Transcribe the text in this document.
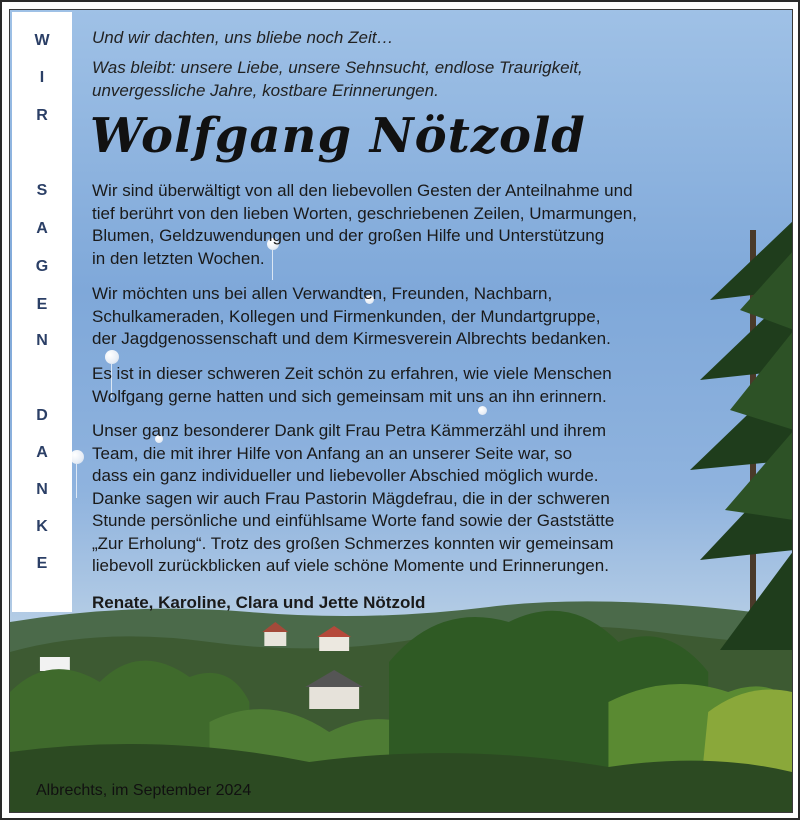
W
I
R
S
A
G
E
N
D
A
N
K
E

Und wir dachten, uns bliebe noch Zeit…

Was bleibt: unsere Liebe, unsere Sehnsucht, endlose Traurigkeit,

unvergessliche Jahre, kostbare Erinnerungen.

Wolfgang Nötzold
Wir sind überwältigt von all den liebevollen Gesten der Anteilnahme und
tief berührt von den lieben Worten, geschriebenen Zeilen, Umarmungen,
Blumen, Geldzuwendungen und der großen Hilfe und Unterstützung
in den letzten Wochen.
Wir möchten uns bei allen Verwandten, Freunden, Nachbarn,
Schulkameraden, Kollegen und Firmenkunden, der Mundartgruppe,
der Jagdgenossenschaft und dem Kirmesverein Albrechts bedanken.
Es ist in dieser schweren Zeit schön zu erfahren, wie viele Menschen
Wolfgang gerne hatten und sich gemeinsam mit uns an ihn erinnern.
Unser ganz besonderer Dank gilt Frau Petra Kämmerzähl und ihrem
Team, die mit ihrer Hilfe von Anfang an an unserer Seite war, so
dass ein ganz individueller und liebevoller Abschied möglich wurde.
Danke sagen wir auch Frau Pastorin Mägdefrau, die in der schweren
Stunde persönliche und einfühlsame Worte fand sowie der Gaststätte
„Zur Erholung“. Trotz des großen Schmerzes konnten wir gemeinsam
liebevoll zurückblicken auf viele schöne Momente und Erinnerungen.
Renate, Karoline, Clara und Jette Nötzold
Albrechts, im September 2024
